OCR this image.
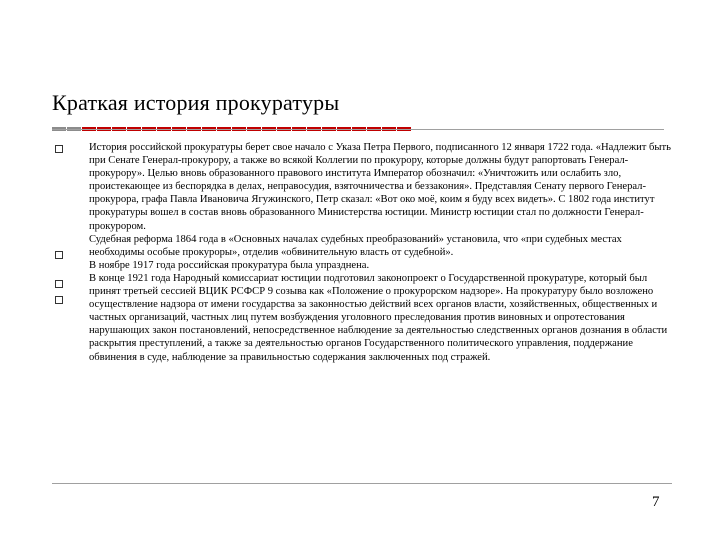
Краткая история прокуратуры

История российской прокуратуры берет свое начало с Указа Петра Первого, подписанного 12 января 1722 года. «Надлежит быть при Сенате Генерал-прокурору, а также во всякой Коллегии по прокурору, которые должны будут рапортовать Генерал-прокурору». Целью вновь образованного правового института Император обозначил: «Уничтожить или ослабить зло, проистекающее из беспорядка в делах, неправосудия, взяточничества и беззакония». Представляя Сенату первого Генерал-прокурора, графа Павла Ивановича Ягужинского, Петр сказал: «Вот око моё, коим я буду всех видеть». С 1802 года институт прокуратуры вошел в состав вновь образованного Министерства юстиции. Министр юстиции стал по должности Генерал-прокурором.

Судебная реформа 1864 года в «Основных началах судебных преобразований» установила, что «при судебных местах необходимы особые прокуроры», отделив «обвинительную власть от судебной».

В ноябре 1917 года российская прокуратура была упразднена.

В конце 1921 года Народный комиссариат юстиции подготовил законопроект о Государственной прокуратуре, который был принят третьей сессией ВЦИК РСФСР 9 созыва как «Положение о прокурорском надзоре». На прокуратуру было возложено осуществление надзора от имени государства за законностью действий всех органов власти, хозяйственных, общественных и частных организаций, частных лиц путем возбуждения уголовного преследования против виновных и опротестования нарушающих закон постановлений, непосредственное наблюдение за деятельностью следственных органов дознания в области раскрытия преступлений, а также за деятельностью органов Государственного политического управления, поддержание обвинения в суде, наблюдение за правильностью содержания заключенных под стражей.

7
